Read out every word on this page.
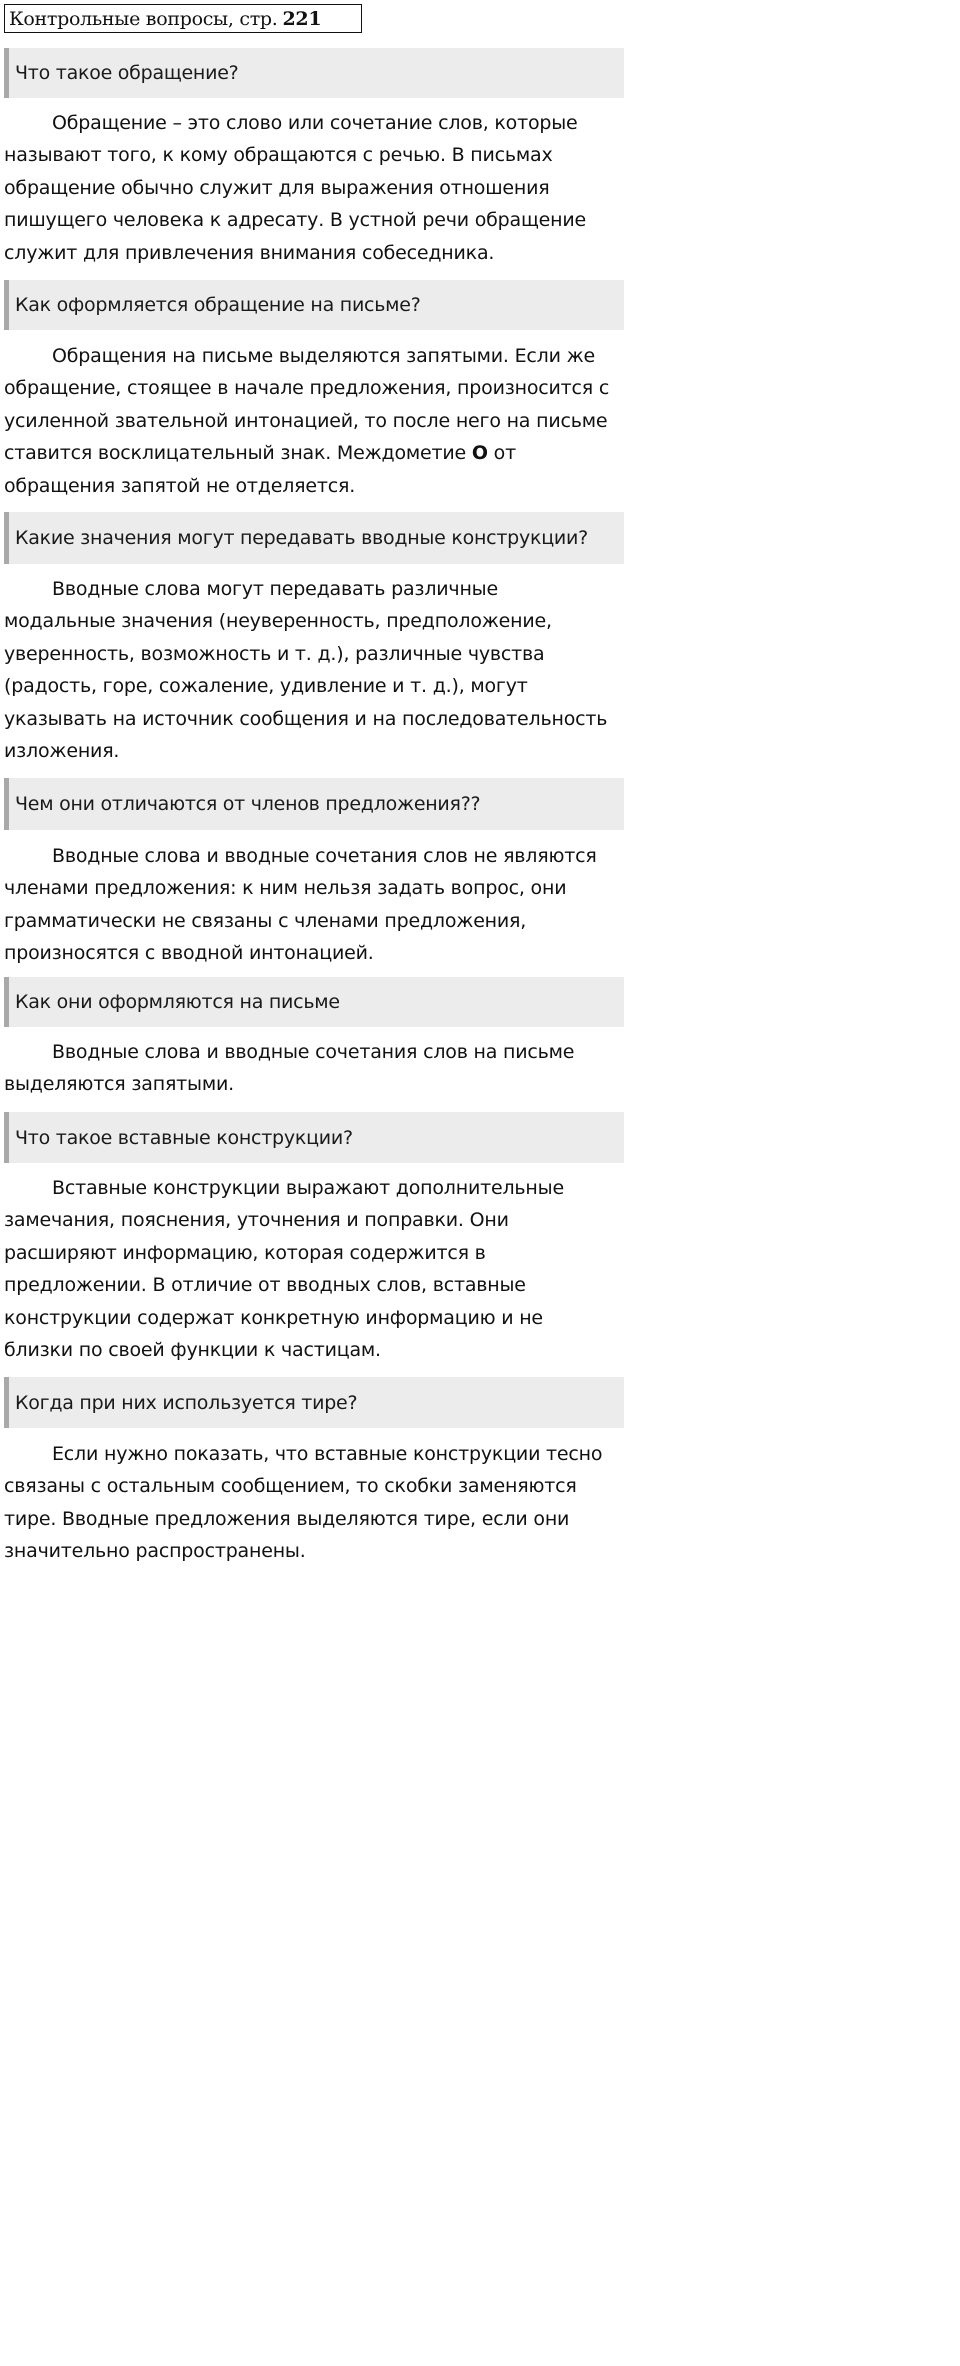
Контрольные вопросы, стр. 221
Что такое обращение?
Обращение – это слово или сочетание слов, которые
называют того, к кому обращаются с речью. В письмах
обращение обычно служит для выражения отношения
пишущего человека к адресату. В устной речи обращение
служит для привлечения внимания собеседника.
Как оформляется обращение на письме?
Обращения на письме выделяются запятыми. Если же
обращение, стоящее в начале предложения, произносится с
усиленной звательной интонацией, то после него на письме
ставится восклицательный знак. Междометие О от
обращения запятой не отделяется.
Какие значения могут передавать вводные конструкции?
Вводные слова могут передавать различные
модальные значения (неуверенность, предположение,
уверенность, возможность и т. д.), различные чувства
(радость, горе, сожаление, удивление и т. д.), могут
указывать на источник сообщения и на последовательность
изложения.
Чем они отличаются от членов предложения??
Вводные слова и вводные сочетания слов не являются
членами предложения: к ним нельзя задать вопрос, они
грамматически не связаны с членами предложения,
произносятся с вводной интонацией.
Как они оформляются на письме
Вводные слова и вводные сочетания слов на письме
выделяются запятыми.
Что такое вставные конструкции?
Вставные конструкции выражают дополнительные
замечания, пояснения, уточнения и поправки. Они
расширяют информацию, которая содержится в
предложении. В отличие от вводных слов, вставные
конструкции содержат конкретную информацию и не
близки по своей функции к частицам.
Когда при них используется тире?
Если нужно показать, что вставные конструкции тесно
связаны с остальным сообщением, то скобки заменяются
тире. Вводные предложения выделяются тире, если они
значительно распространены.
